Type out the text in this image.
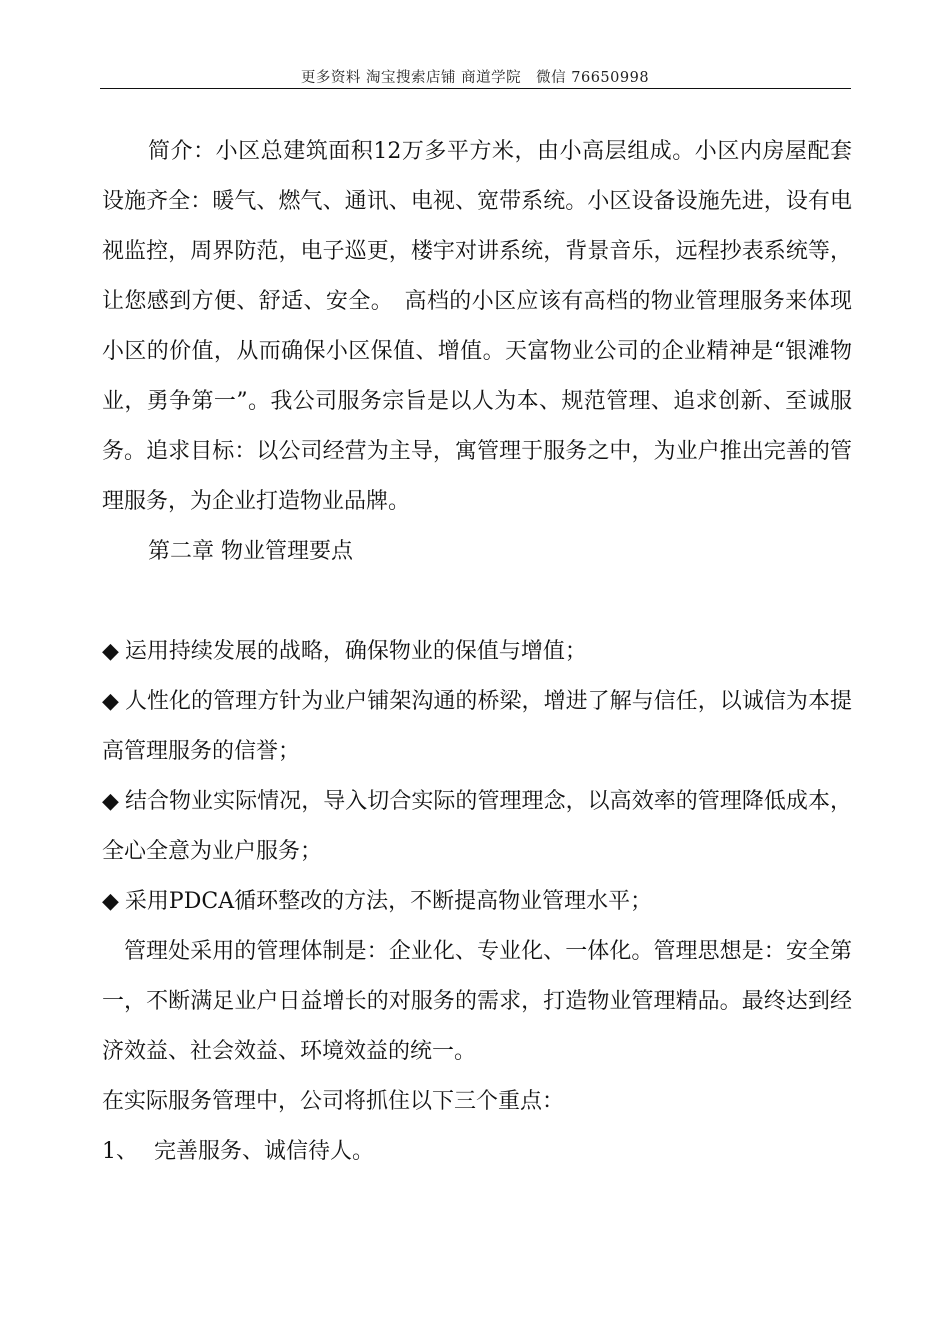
更多资料 淘宝搜索店铺 商道学院　微信 76650998

简介：小区总建筑面积12万多平方米，由小高层组成。小区内房屋配套设施齐全：暖气、燃气、通讯、电视、宽带系统。小区设备设施先进，设有电视监控，周界防范，电子巡更，楼宇对讲系统，背景音乐，远程抄表系统等，让您感到方便、舒适、安全。　高档的小区应该有高档的物业管理服务来体现小区的价值，从而确保小区保值、增值。天富物业公司的企业精神是“银滩物业，勇争第一”。我公司服务宗旨是以人为本、规范管理、追求创新、至诚服务。追求目标：以公司经营为主导，寓管理于服务之中，为业户推出完善的管理服务，为企业打造物业品牌。

第二章 物业管理要点

◆ 运用持续发展的战略，确保物业的保值与增值；

◆ 人性化的管理方针为业户铺架沟通的桥梁，增进了解与信任，以诚信为本提高管理服务的信誉；

◆ 结合物业实际情况，导入切合实际的管理理念，以高效率的管理降低成本，全心全意为业户服务；

◆ 采用PDCA循环整改的方法，不断提高物业管理水平；

管理处采用的管理体制是：企业化、专业化、一体化。管理思想是：安全第一，不断满足业户日益增长的对服务的需求，打造物业管理精品。最终达到经济效益、社会效益、环境效益的统一。

在实际服务管理中，公司将抓住以下三个重点：

1、 完善服务、诚信待人。
